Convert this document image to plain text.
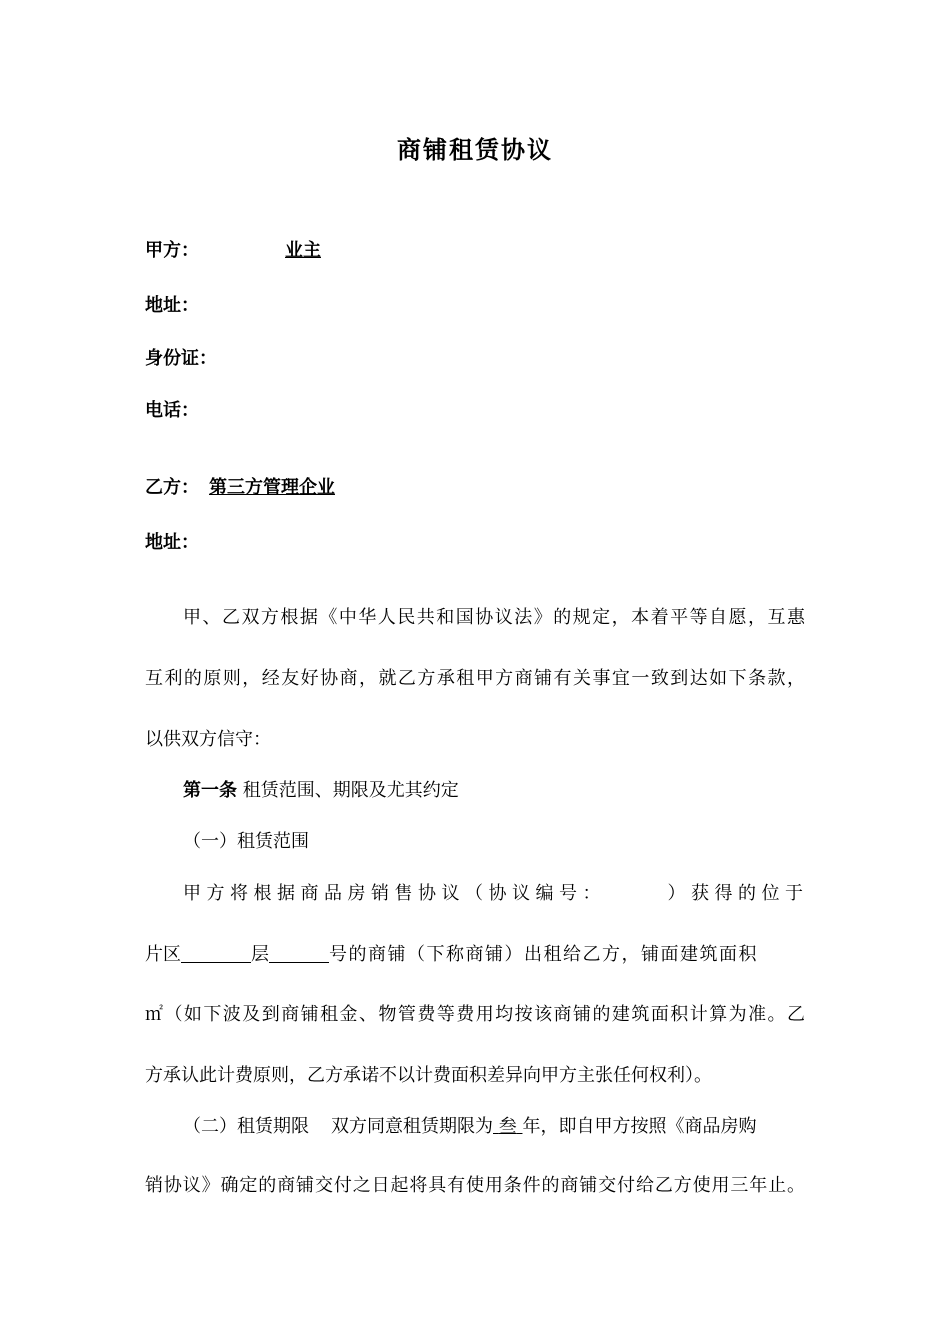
商铺租赁协议
甲方：	业主
地址：
身份证：
电话：
乙方： 第三方管理企业
地址：
甲、乙双方根据《中华人民共和国协议法》的规定，本着平等自愿，互惠
互利的原则，经友好协商，就乙方承租甲方商铺有关事宜一致到达如下条款，
以供双方信守：
第一条 租赁范围、期限及尤其约定
（一）租赁范围
甲方将根据商品房销售协议（协议编号：　　　）获得的位于
片区	层	号的商铺（下称商铺）出租给乙方，铺面建筑面积
㎡（如下波及到商铺租金、物管费等费用均按该商铺的建筑面积计算为准。乙
方承认此计费原则，乙方承诺不以计费面积差异向甲方主张任何权利）。
（二）租赁期限 双方同意租赁期限为 叁 年，即自甲方按照《商品房购
销协议》确定的商铺交付之日起将具有使用条件的商铺交付给乙方使用三年止。
